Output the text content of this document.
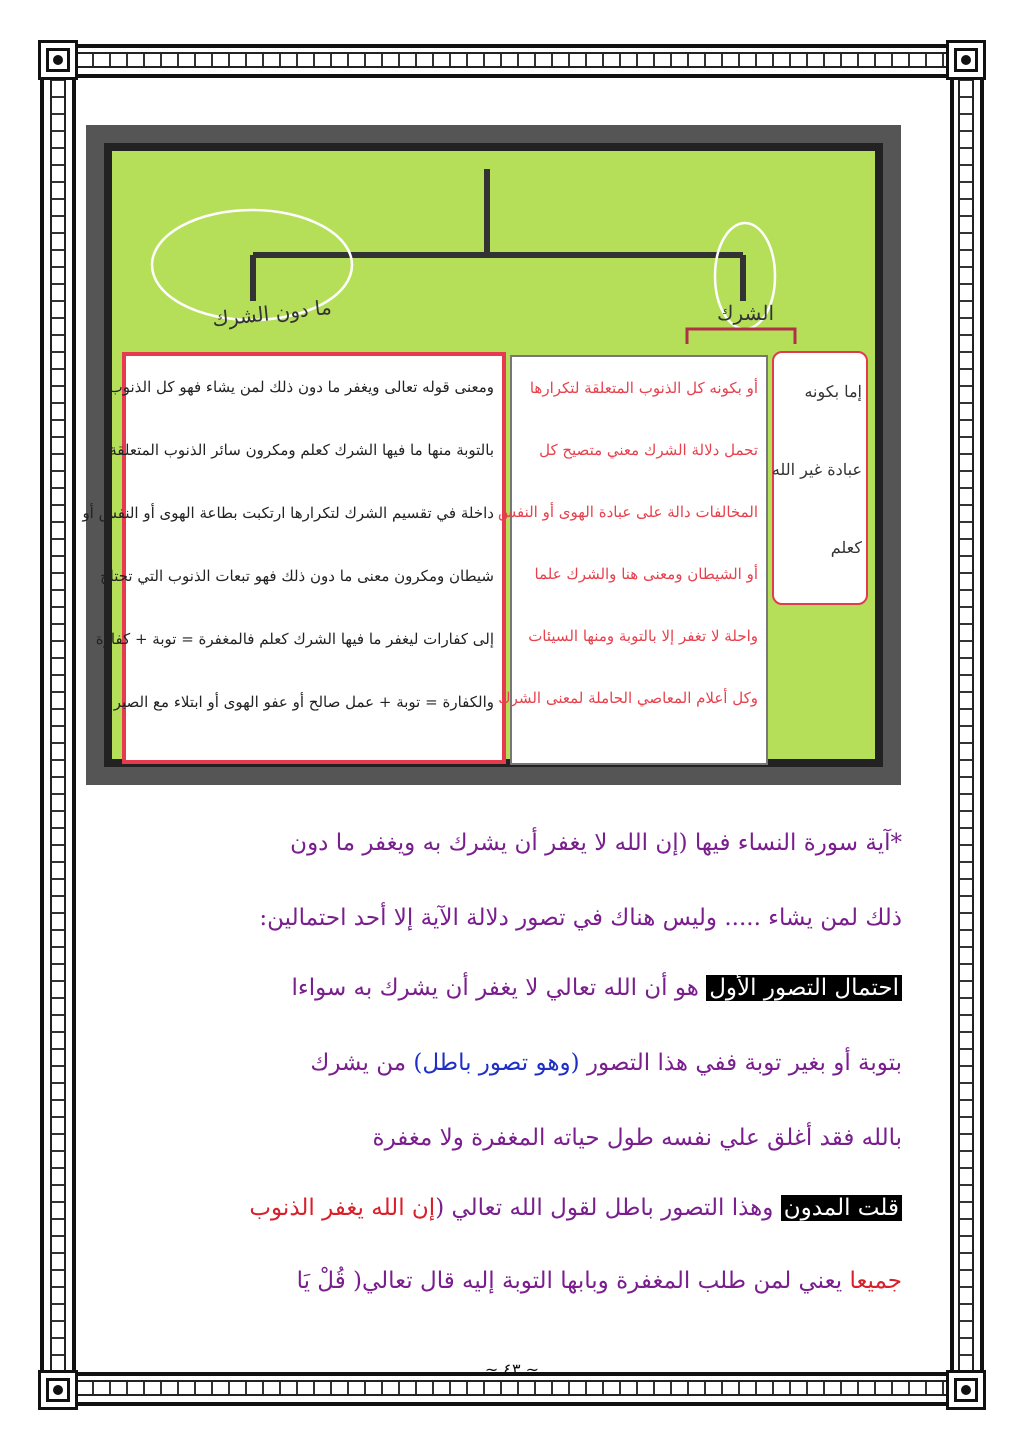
ما دون الشرك	الشرك

ومعنى قوله تعالى ويغفر ما دون ذلك لمن يشاء فهو كل الذنوب

بالتوبة منها ما فيها الشرك كعلم ومكرون سائر الذنوب المتعلقة

داخلة في تقسيم الشرك لتكرارها ارتكبت بطاعة الهوى أو النفس أو

شيطان ومكرون معنى ما دون ذلك فهو تبعات الذنوب التي تحتاج

إلى كفارات ليغفر ما فيها الشرك كعلم فالمغفرة = توبة + كفارة

والكفارة = توبة + عمل صالح أو عفو الهوى أو ابتلاء مع الصبر

أو بكونه كل الذنوب المتعلقة لتكرارها

تحمل دلالة الشرك معني متصيح كل

المخالفات دالة على عبادة الهوى أو النفس

أو الشيطان ومعنى هنا والشرك علما

واحلة لا تغفر إلا بالتوبة ومنها السيئات

وكل أعلام المعاصي الحاملة لمعنى الشرك

إما بكونه

عبادة غير الله

كعلم

*آية سورة النساء فيها (إن الله لا يغفر أن يشرك به ويغفر ما دون
ذلك لمن يشاء ..... وليس هناك في تصور دلالة الآية إلا أحد احتمالين:
احتمال التصور الأول هو أن الله تعالي لا يغفر أن يشرك به سواءا
بتوبة أو بغير توبة ففي هذا التصور (وهو تصور باطل) من يشرك
بالله فقد أغلق علي نفسه طول حياته المغفرة ولا مغفرة
قلت المدون وهذا التصور باطل لقول الله تعالي (إن الله يغفر الذنوب
جميعا يعني لمن طلب المغفرة وبابها التوبة إليه قال تعالي( قُلْ يَا
~ ٤٣ ~
